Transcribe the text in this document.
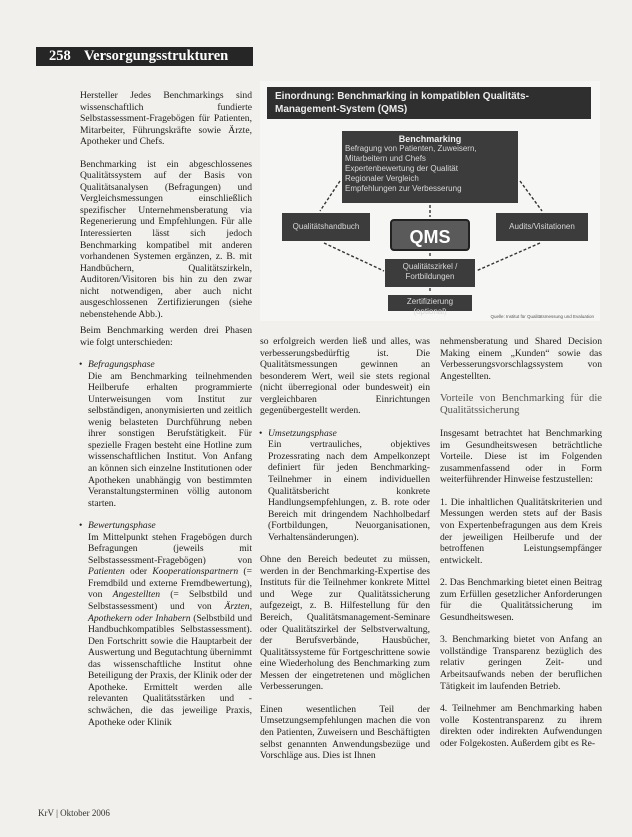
258 Versorgungsstrukturen

Hersteller Jedes Benchmarkings sind wissenschaftlich fundierte Selbstassessment-Fragebögen für Patienten, Mitarbeiter, Führungskräfte sowie Ärzte, Apotheker und Chefs.

Benchmarking ist ein abgeschlossenes Qualitätssystem auf der Basis von Qualitätsanalysen (Befragungen) und Vergleichsmessungen einschließlich spezifischer Unternehmensberatung via Regenerierung und Empfehlungen. Für alle Interessierten lässt sich jedoch Benchmarking kompatibel mit anderen vorhandenen Systemen ergänzen, z. B. mit Handbüchern, Qualitätszirkeln, Auditoren/Visitoren bis hin zu den zwar nicht notwendigen, aber auch nicht ausgeschlossenen Zertifizierungen (siehe nebenstehende Abb.).

Einordnung: Benchmarking in kompatiblen Qualitäts-Management-System (QMS)
Benchmarking
Befragung von Patienten, Zuweisern,
Mitarbeitern und Chefs
Expertenbewertung der Qualität
Regionaler Vergleich
Empfehlungen zur Verbesserung
Qualitätshandbuch
QMS
Audits/Visitationen
Qualitätszirkel / Fortbildungen
Zertifizierung (optional)
Quelle: Institut für Qualitätsmessung und Evaluation

Beim Benchmarking werden drei Phasen wie folgt unterschieden:

• Befragungsphase
Die am Benchmarking teilnehmenden Heilberufe erhalten programmierte Unterweisungen vom Institut zur selbständigen, anonymisierten und zeitlich wenig belasteten Durchführung neben ihrer sonstigen Berufstätigkeit. Für spezielle Fragen besteht eine Hotline zum wissenschaftlichen Institut. Von Anfang an können sich einzelne Institutionen oder Apotheken unabhängig von bestimmten Veranstaltungsterminen völlig autonom starten.
• Bewertungsphase
Im Mittelpunkt stehen Fragebögen durch Befragungen (jeweils mit Selbstassessment-Fragebögen) von Patienten oder Kooperationspartnern (= Fremdbild und externe Fremdbewertung), von Angestellten (= Selbstbild und Selbstassessment) und von Ärzten, Apothekern oder Inhabern (Selbstbild und Handbuchkompatibles Selbstassessment). Den Fortschritt sowie die Hauptarbeit der Auswertung und Begutachtung übernimmt das wissenschaftliche Institut ohne Beteiligung der Praxis, der Klinik oder der Apotheke. Ermittelt werden alle relevanten Qualitätsstärken und -schwächen, die das jeweilige Praxis, Apotheke oder Klinik

so erfolgreich werden ließ und alles, was verbesserungsbedürftig ist. Die Qualitätsmessungen gewinnen an besonderem Wert, weil sie stets regional (nicht überregional oder bundesweit) ein vergleichbaren Einrichtungen gegenübergestellt werden.

• Umsetzungsphase
Ein vertrauliches, objektives Prozessrating nach dem Ampelkonzept definiert für jeden Benchmarking-Teilnehmer in einem individuellen Qualitätsbericht konkrete Handlungsempfehlungen, z. B. rote oder Bereich mit dringendem Nachholbedarf (Fortbildungen, Neuorganisationen, Verhaltensänderungen).

Ohne den Bereich bedeutet zu müssen, werden in der Benchmarking-Expertise des Instituts für die Teilnehmer konkrete Mittel und Wege zur Qualitätssicherung aufgezeigt, z. B. Hilfestellung für den Bereich, Qualitätsmanagement-Seminare oder Qualitätszirkel der Selbstverwaltung, der Berufsverbände, Hausbücher, Qualitätssysteme für Fortgeschrittene sowie eine Wiederholung des Benchmarking zum Messen der eingetretenen und möglichen Verbesserungen.

Einen wesentlichen Teil der Umsetzungsempfehlungen machen die von den Patienten, Zuweisern und Beschäftigten selbst genannten Anwendungsbezüge und Vorschläge aus. Dies ist Ihnen

nehmensberatung und Shared Decision Making einem „Kunden“ sowie das Verbesserungsvorschlagssystem von Angestellten.

Vorteile von Benchmarking für die Qualitätssicherung

Insgesamt betrachtet hat Benchmarking im Gesundheitswesen beträchtliche Vorteile. Diese ist im Folgenden zusammenfassend oder in Form weiterführender Hinweise festzustellen:

1. Die inhaltlichen Qualitätskriterien und Messungen werden stets auf der Basis von Expertenbefragungen aus dem Kreis der jeweiligen Heilberufe und der betroffenen Leistungsempfänger entwickelt.

2. Das Benchmarking bietet einen Beitrag zum Erfüllen gesetzlicher Anforderungen für die Qualitätssicherung im Gesundheitswesen.

3. Benchmarking bietet von Anfang an vollständige Transparenz bezüglich des relativ geringen Zeit- und Arbeitsaufwands neben der beruflichen Tätigkeit im laufenden Betrieb.

4. Teilnehmer am Benchmarking haben volle Kostentransparenz zu ihrem direkten oder indirekten Aufwendungen oder Folgekosten. Außerdem gibt es Re-

KrV | Oktober 2006
